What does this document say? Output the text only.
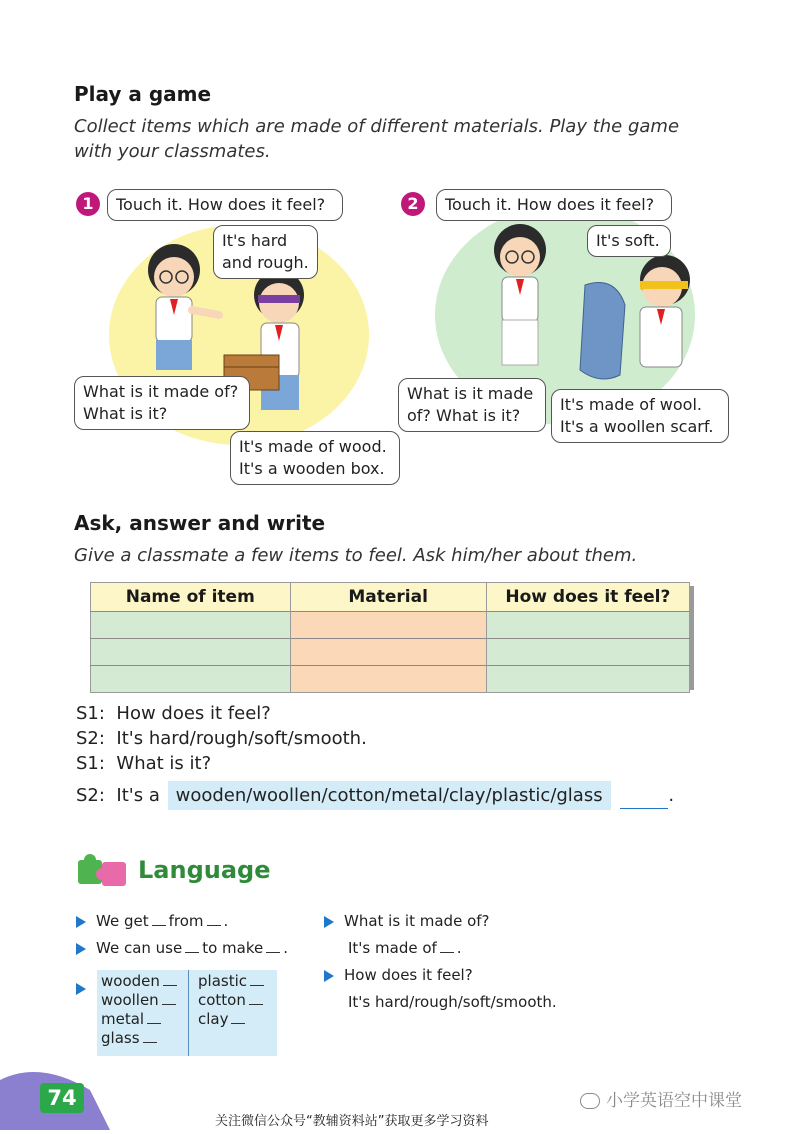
Play a game
Collect items which are made of different materials. Play the game
with your classmates.
1	Touch it. How does it feel?
It's hard
and rough.
What is it made of?
What is it?
It's made of wood.
It's a wooden box.
2	Touch it. How does it feel?
It's soft.
What is it made
of? What is it?
It's made of wool.
It's a woollen scarf.
Ask, answer and write
Give a classmate a few items to feel. Ask him/her about them.
Name of item	Material	How does it feel?

S1: How does it feel?
S2: It's hard/rough/soft/smooth.
S1: What is it?
S2: It's a wooden/woollen/cotton/metal/clay/plastic/glass	.
Language
We get from .
We can use to make .
wooden
woollen
metal
glass
plastic
cotton
clay
What is it made of?
It's made of .
How does it feel?
It's hard/rough/soft/smooth.
74	小学英语空中课堂
关注微信公众号“教辅资料站”获取更多学习资料
